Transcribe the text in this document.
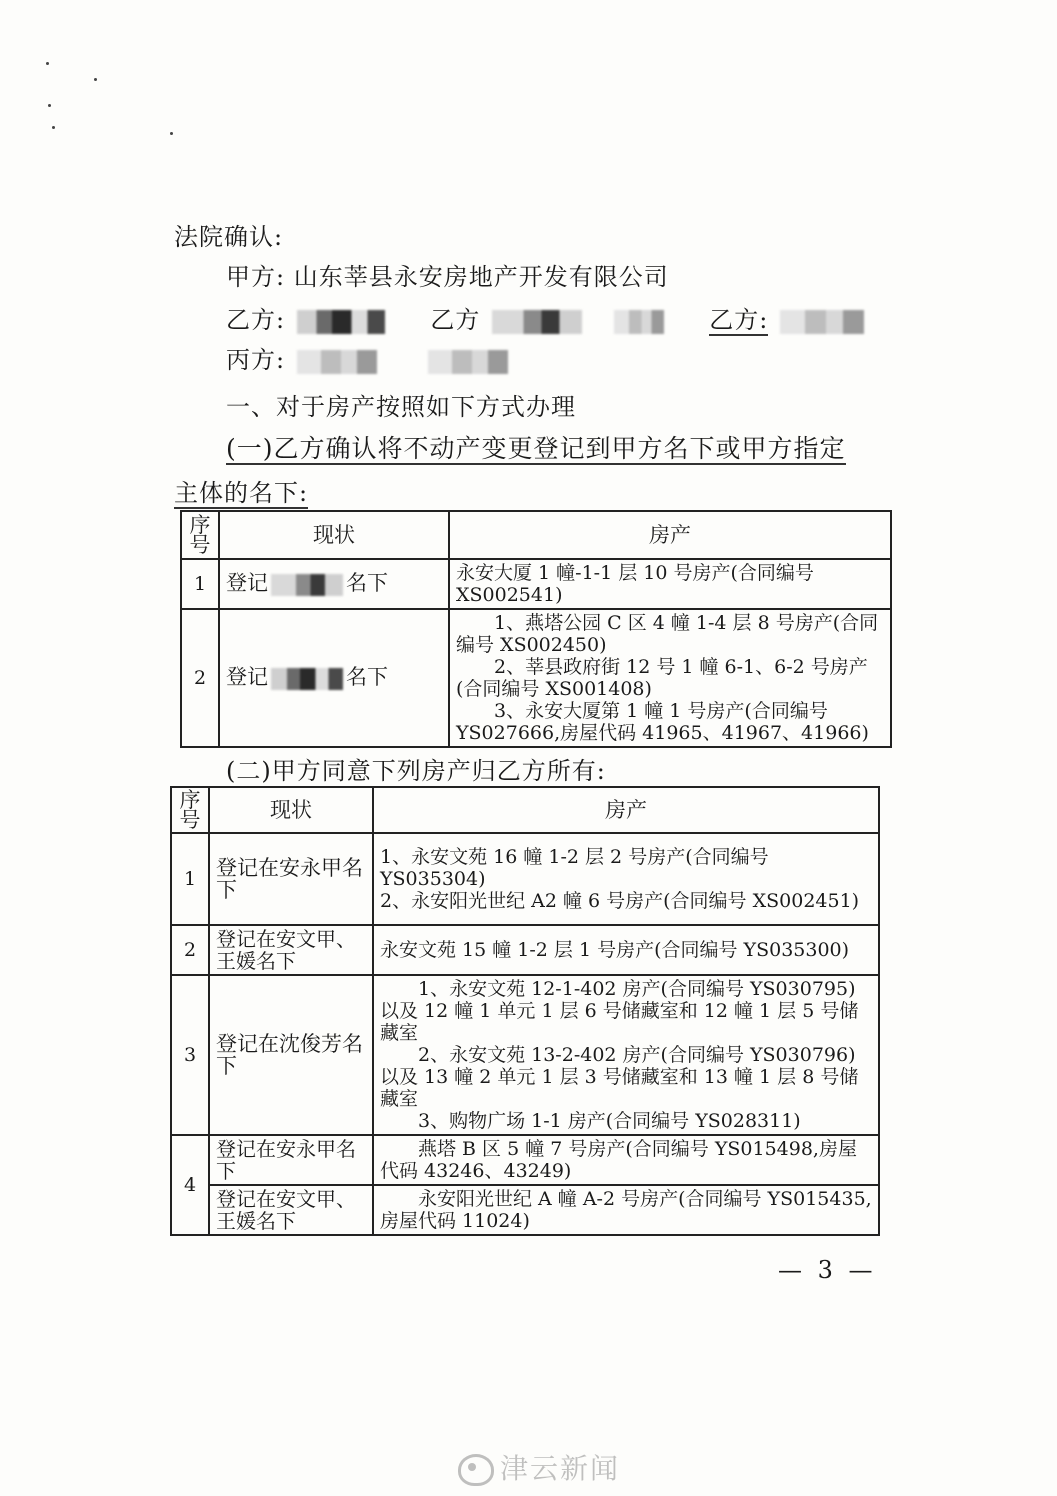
法院确认:
甲方: 山东莘县永安房地产开发有限公司
乙方:	乙方	乙方:
丙方:
一、对于房产按照如下方式办理
(一)乙方确认将不动产变更登记到甲方名下或甲方指定
主体的名下:
序号	现状	房产
1	登记 名下	永安大厦 1 幢-1-1 层 10 号房产(合同编号 XS002541)

2	登记 名下	1、燕塔公园 C 区 4 幢 1-4 层 8 号房产(合同编号 XS002450)
2、莘县政府街 12 号 1 幢 6-1、6-2 号房产(合同编号 XS001408)
3、永安大厦第 1 幢 1 号房产(合同编号 YS027666,房屋代码 41965、41967、41966)
(二)甲方同意下列房产归乙方所有:
序号	现状	房产
1	登记在安永甲名下	1、永安文苑 16 幢 1-2 层 2 号房产(合同编号 YS035304)
2、永安阳光世纪 A2 幢 6 号房产(合同编号 XS002451)

2	登记在安文甲、王媛名下	永安文苑 15 幢 1-2 层 1 号房产(合同编号 YS035300)

3	登记在沈俊芳名下	1、永安文苑 12-1-402 房产(合同编号 YS030795)以及 12 幢 1 单元 1 层 6 号储藏室和 12 幢 1 层 5 号储藏室
2、永安文苑 13-2-402 房产(合同编号 YS030796)以及 13 幢 2 单元 1 层 3 号储藏室和 13 幢 1 层 8 号储藏室
3、购物广场 1-1 房产(合同编号 YS028311)

4	登记在安永甲名下	燕塔 B 区 5 幢 7 号房产(合同编号 YS015498,房屋代码 43246、43249)

	登记在安文甲、王媛名下	永安阳光世纪 A 幢 A-2 号房产(合同编号 YS015435,房屋代码 11024)
— 3 —
津云新闻
